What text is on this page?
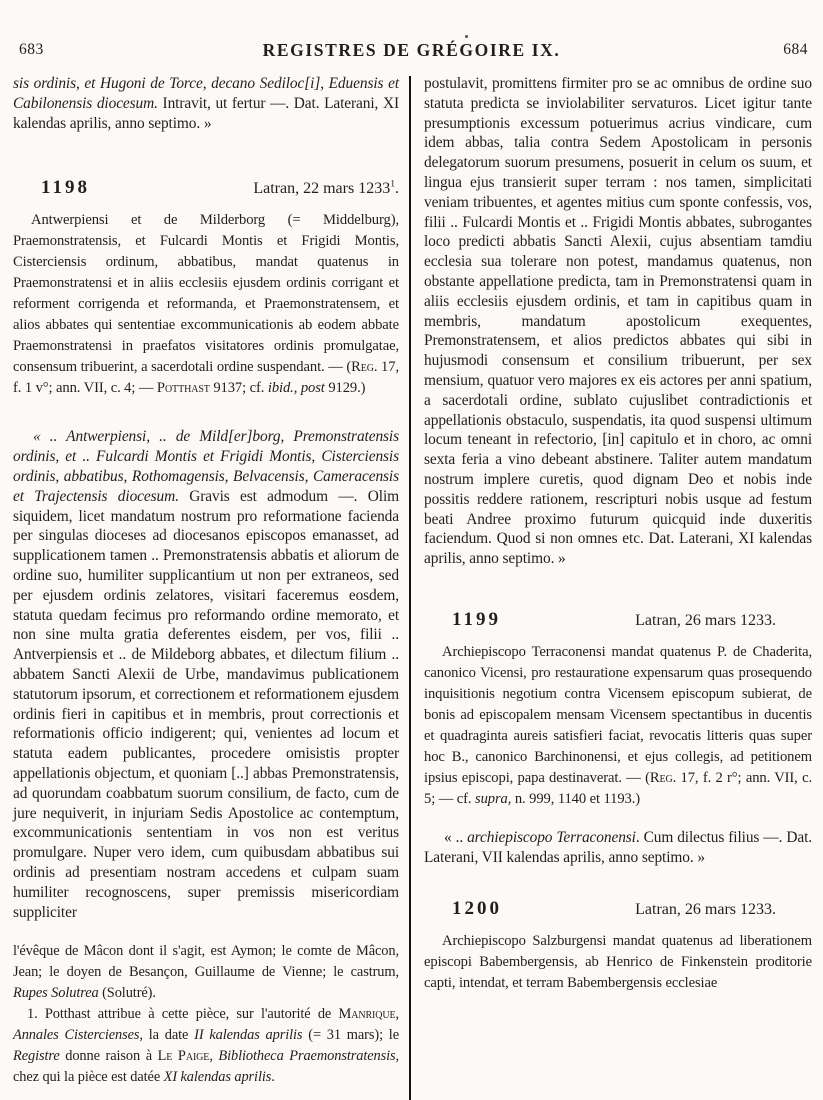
683	REGISTRES DE GRÉGOIRE IX.	684

sis ordinis, et Hugoni de Torce, decano Sediloc[i], Eduensis et Cabilonensis diocesum. Intravit, ut fertur —. Dat. Laterani, XI kalendas aprilis, anno septimo. »

1198	Latran, 22 mars 1233$^1$.

Antwerpiensi et de Milderborg (= Middelburg), Praemonstratensis, et Fulcardi Montis et Frigidi Montis, Cisterciensis ordinum, abbatibus, mandat quatenus in Praemonstratensi et in aliis ecclesiis ejusdem ordinis corrigant et reforment corrigenda et reformanda, et Praemonstratensem, et alios abbates qui sententiae excommunicationis ab eodem abbate Praemonstratensi in praefatos visitatores ordinis promulgatae, consensum tribuerint, a sacerdotali ordine suspendant. — (Reg. 17, f. 1 v°; ann. VII, c. 4; — Potthast 9137; cf. ibid., post 9129.)

« .. Antwerpiensi, .. de Mild[er]borg, Premonstratensis ordinis, et .. Fulcardi Montis et Frigidi Montis, Cisterciensis ordinis, abbatibus, Rothomagensis, Belvacensis, Cameracensis et Trajectensis diocesum. Gravis est admodum —. Olim siquidem, licet mandatum nostrum pro reformatione facienda per singulas dioceses ad diocesanos episcopos emanasset, ad supplicationem tamen .. Premonstratensis abbatis et aliorum de ordine suo, humiliter supplicantium ut non per extraneos, sed per ejusdem ordinis zelatores, visitari faceremus eosdem, statuta quedam fecimus pro reformando ordine memorato, et non sine multa gratia deferentes eisdem, per vos, filii .. Antverpiensis et .. de Mildeborg abbates, et dilectum filium .. abbatem Sancti Alexii de Urbe, mandavimus publicationem statutorum ipsorum, et correctionem et reformationem ejusdem ordinis fieri in capitibus et in membris, prout correctionis et reformationis officio indigerent; qui, venientes ad locum et statuta eadem publicantes, procedere omisistis propter appellationis objectum, et quoniam [..] abbas Premonstratensis, ad quorundam coabbatum suorum consilium, de facto, cum de jure nequiverit, in injuriam Sedis Apostolice ac contemptum, excommunicationis sententiam in vos non est veritus promulgare. Nuper vero idem, cum quibusdam abbatibus sui ordinis ad presentiam nostram accedens et culpam suam humiliter recognoscens, super premissis misericordiam suppliciter

l'évêque de Mâcon dont il s'agit, est Aymon; le comte de Mâcon, Jean; le doyen de Besançon, Guillaume de Vienne; le castrum, Rupes Solutrea (Solutré).

1. Potthast attribue à cette pièce, sur l'autorité de Manrique, Annales Cistercienses, la date II kalendas aprilis (= 31 mars); le Registre donne raison à Le Paige, Bibliotheca Praemonstratensis, chez qui la pièce est datée XI kalendas aprilis.

postulavit, promittens firmiter pro se ac omnibus de ordine suo statuta predicta se inviolabiliter servaturos. Licet igitur tante presumptionis excessum potuerimus acrius vindicare, cum idem abbas, talia contra Sedem Apostolicam in personis delegatorum suorum presumens, posuerit in celum os suum, et lingua ejus transierit super terram : nos tamen, simplicitati veniam tribuentes, et agentes mitius cum sponte confessis, vos, filii .. Fulcardi Montis et .. Frigidi Montis abbates, subrogantes loco predicti abbatis Sancti Alexii, cujus absentiam tamdiu ecclesia sua tolerare non potest, mandamus quatenus, non obstante appellatione predicta, tam in Premonstratensi quam in aliis ecclesiis ejusdem ordinis, et tam in capitibus quam in membris, mandatum apostolicum exequentes, Premonstratensem, et alios predictos abbates qui sibi in hujusmodi consensum et consilium tribuerunt, per sex mensium, quatuor vero majores ex eis actores per anni spatium, a sacerdotali ordine, sublato cujuslibet contradictionis et appellationis obstaculo, suspendatis, ita quod suspensi ultimum locum teneant in refectorio, [in] capitulo et in choro, ac omni sexta feria a vino debeant abstinere. Taliter autem mandatum nostrum implere curetis, quod dignam Deo et nobis inde possitis reddere rationem, rescripturi nobis usque ad festum beati Andree proximo futurum quicquid inde duxeritis faciendum. Quod si non omnes etc. Dat. Laterani, XI kalendas aprilis, anno septimo. »

1199	Latran, 26 mars 1233.

Archiepiscopo Terraconensi mandat quatenus P. de Chaderita, canonico Vicensi, pro restauratione expensarum quas prosequendo inquisitionis negotium contra Vicensem episcopum subierat, de bonis ad episcopalem mensam Vicensem spectantibus in ducentis et quadraginta aureis satisfieri faciat, revocatis litteris quas super hoc B., canonico Barchinonensi, et ejus collegis, ad petitionem ipsius episcopi, papa destinaverat. — (Reg. 17, f. 2 r°; ann. VII, c. 5; — cf. supra, n. 999, 1140 et 1193.)

« .. archiepiscopo Terraconensi. Cum dilectus filius —. Dat. Laterani, VII kalendas aprilis, anno septimo. »

1200	Latran, 26 mars 1233.

Archiepiscopo Salzburgensi mandat quatenus ad liberationem episcopi Babembergensis, ab Henrico de Finkenstein proditorie capti, intendat, et terram Babembergensis ecclesiae
